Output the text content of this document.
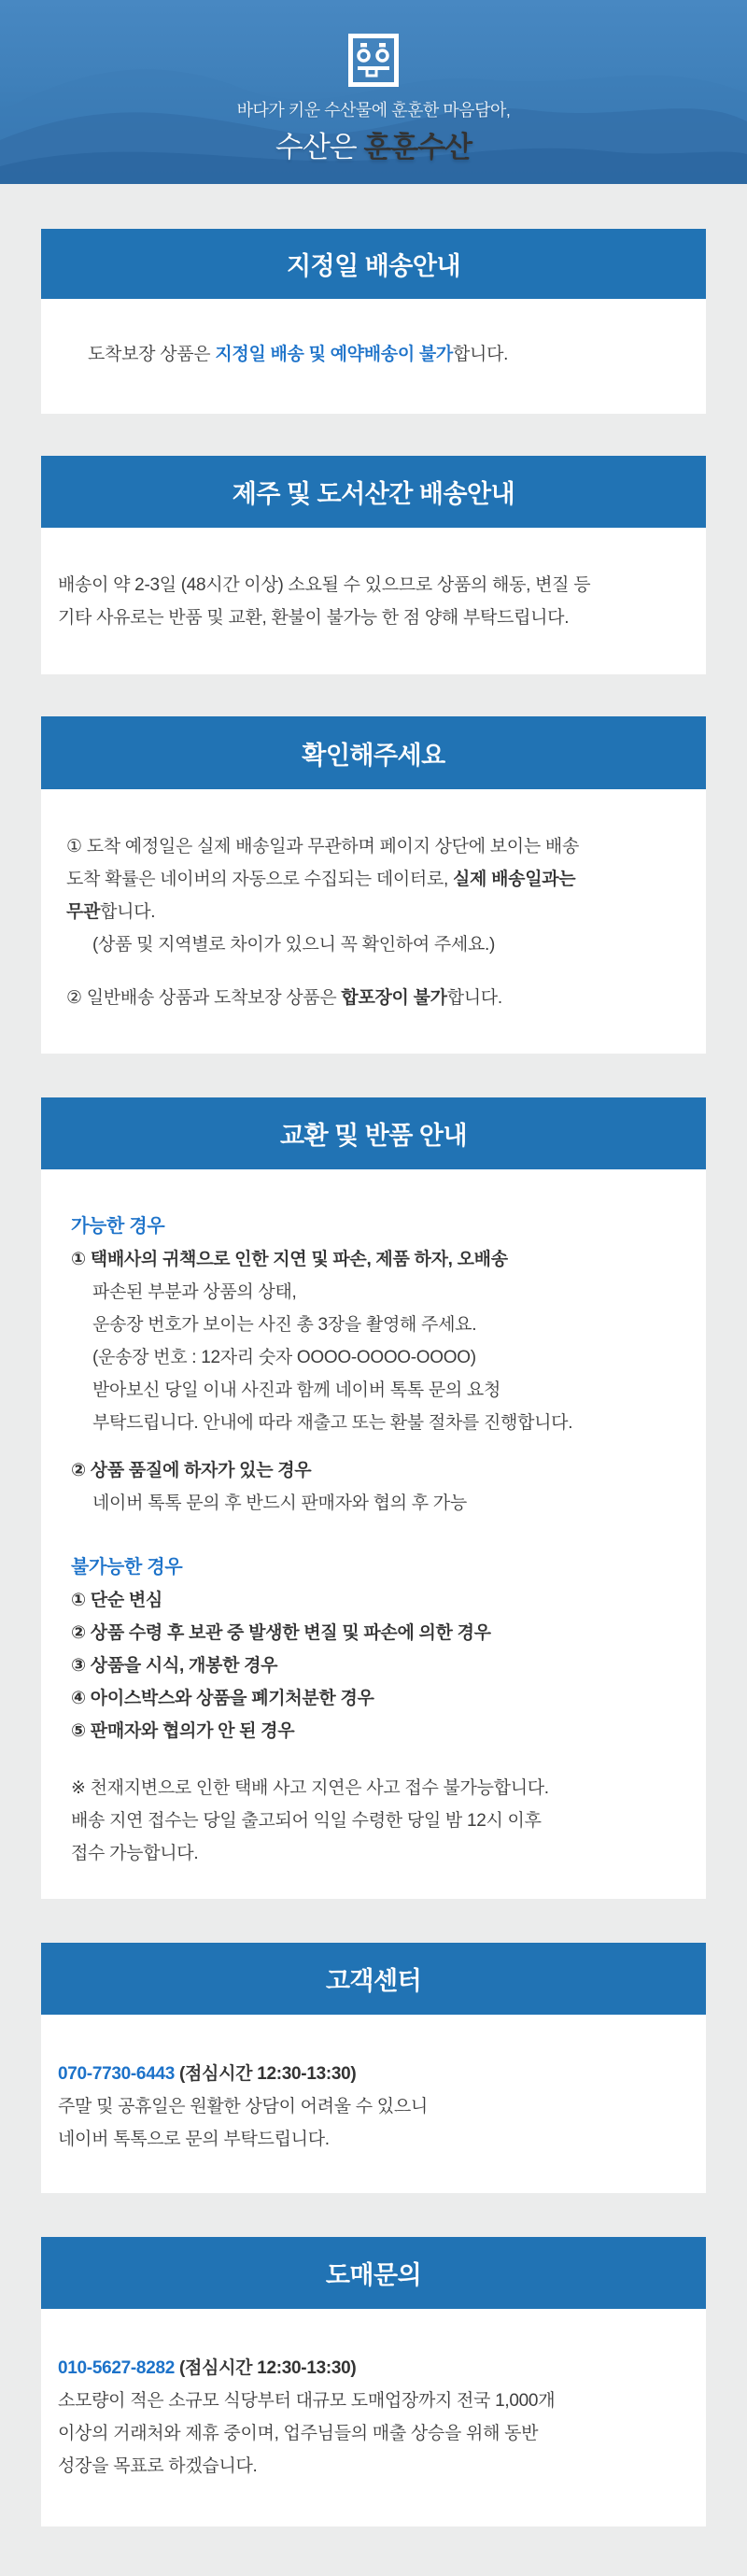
바다가 키운 수산물에 훈훈한 마음담아,

수산은 훈훈수산

지정일 배송안내

도착보장 상품은 지정일 배송 및 예약배송이 불가합니다.

제주 및 도서산간 배송안내

배송이 약 2-3일 (48시간 이상) 소요될 수 있으므로 상품의 해동, 변질 등

기타 사유로는 반품 및 교환, 환불이 불가능 한 점 양해 부탁드립니다.

확인해주세요

① 도착 예정일은 실제 배송일과 무관하며 페이지 상단에 보이는 배송

도착 확률은 네이버의 자동으로 수집되는 데이터로, 실제 배송일과는

무관합니다.

(상품 및 지역별로 차이가 있으니 꼭 확인하여 주세요.)

② 일반배송 상품과 도착보장 상품은 합포장이 불가합니다.

교환 및 반품 안내

가능한 경우

① 택배사의 귀책으로 인한 지연 및 파손, 제품 하자, 오배송

파손된 부분과 상품의 상태,

운송장 번호가 보이는 사진 총 3장을 촬영해 주세요.

(운송장 번호 : 12자리 숫자 OOOO-OOOO-OOOO)

받아보신 당일 이내 사진과 함께 네이버 톡톡 문의 요청

부탁드립니다. 안내에 따라 재출고 또는 환불 절차를 진행합니다.

② 상품 품질에 하자가 있는 경우

네이버 톡톡 문의 후 반드시 판매자와 협의 후 가능

불가능한 경우

① 단순 변심

② 상품 수령 후 보관 중 발생한 변질 및 파손에 의한 경우

③ 상품을 시식, 개봉한 경우

④ 아이스박스와 상품을 폐기처분한 경우

⑤ 판매자와 협의가 안 된 경우

※ 천재지변으로 인한 택배 사고 지연은 사고 접수 불가능합니다.

배송 지연 접수는 당일 출고되어 익일 수령한 당일 밤 12시 이후

접수 가능합니다.

고객센터

070-7730-6443 (점심시간 12:30-13:30)

주말 및 공휴일은 원활한 상담이 어려울 수 있으니

네이버 톡톡으로 문의 부탁드립니다.

도매문의

010-5627-8282 (점심시간 12:30-13:30)

소모량이 적은 소규모 식당부터 대규모 도매업장까지 전국 1,000개

이상의 거래처와 제휴 중이며, 업주님들의 매출 상승을 위해 동반

성장을 목표로 하겠습니다.
